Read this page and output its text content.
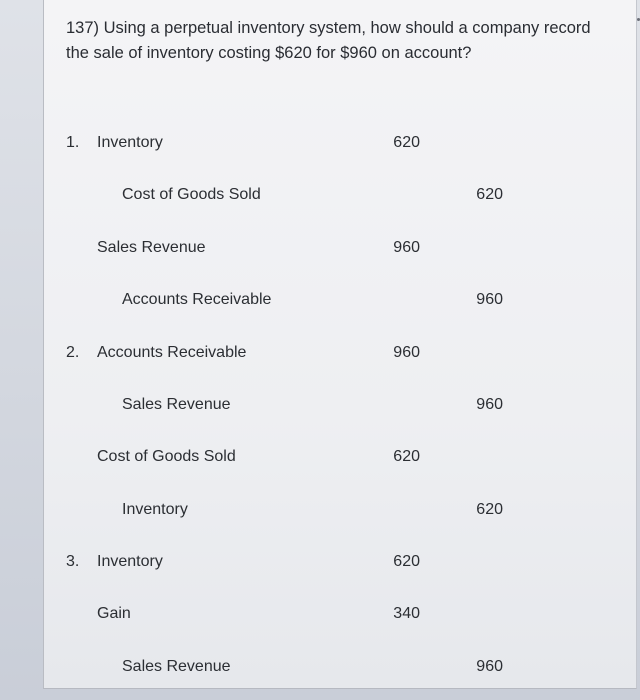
137) Using a perpetual inventory system, how should a company record the sale of inventory costing $620 for $960 on account?
1. Inventory	620
Cost of Goods Sold	620
Sales Revenue	960
Accounts Receivable	960
2. Accounts Receivable	960
Sales Revenue	960
Cost of Goods Sold	620
Inventory	620
3. Inventory	620
Gain	340
Sales Revenue	960
